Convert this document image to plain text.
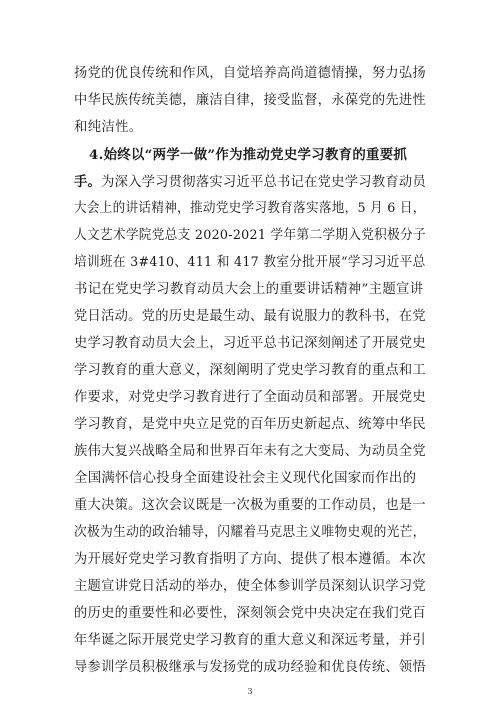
扬党的优良传统和作风，自觉培养高尚道德情操，努力弘扬
中华民族传统美德，廉洁自律，接受监督，永葆党的先进性
和纯洁性。
4.始终以“两学一做”作为推动党史学习教育的重要抓
手。为深入学习贯彻落实习近平总书记在党史学习教育动员
大会上的讲话精神，推动党史学习教育落实落地，5 月 6 日，
人文艺术学院党总支 2020-2021 学年第二学期入党积极分子
培训班在 3#410、411 和 417 教室分批开展“学习习近平总
书记在党史学习教育动员大会上的重要讲话精神”主题宣讲
党日活动。党的历史是最生动、最有说服力的教科书，在党
史学习教育动员大会上，习近平总书记深刻阐述了开展党史
学习教育的重大意义，深刻阐明了党史学习教育的重点和工
作要求，对党史学习教育进行了全面动员和部署。开展党史
学习教育，是党中央立足党的百年历史新起点、统筹中华民
族伟大复兴战略全局和世界百年未有之大变局、为动员全党
全国满怀信心投身全面建设社会主义现代化国家而作出的
重大决策。这次会议既是一次极为重要的工作动员，也是一
次极为生动的政治辅导，闪耀着马克思主义唯物史观的光芒，
为开展好党史学习教育指明了方向、提供了根本遵循。本次
主题宣讲党日活动的举办，使全体参训学员深刻认识学习党
的历史的重要性和必要性，深刻领会党中央决定在我们党百
年华诞之际开展党史学习教育的重大意义和深远考量，并引
导参训学员积极继承与发扬党的成功经验和优良传统、领悟
3
